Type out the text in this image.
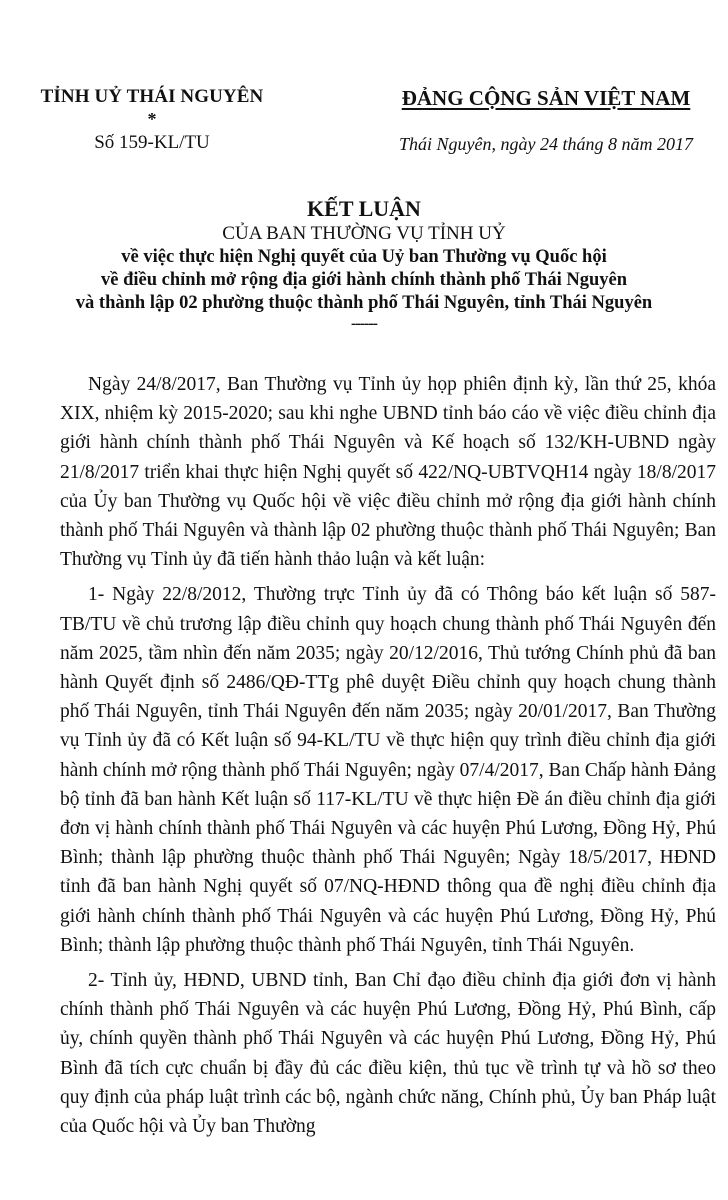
TỈNH UỶ THÁI NGUYÊN
*
Số 159-KL/TU
ĐẢNG CỘNG SẢN VIỆT NAM
Thái Nguyên, ngày 24 tháng 8 năm 2017
KẾT LUẬN
CỦA BAN THƯỜNG VỤ TỈNH UỶ
về việc thực hiện Nghị quyết của Uỷ ban Thường vụ Quốc hội
về điều chỉnh mở rộng địa giới hành chính thành phố Thái Nguyên
và thành lập 02 phường thuộc thành phố Thái Nguyên, tỉnh Thái Nguyên
------

Ngày 24/8/2017, Ban Thường vụ Tỉnh ủy họp phiên định kỳ, lần thứ 25, khóa XIX, nhiệm kỳ 2015-2020; sau khi nghe UBND tỉnh báo cáo về việc điều chỉnh địa giới hành chính thành phố Thái Nguyên và Kế hoạch số 132/KH-UBND ngày 21/8/2017 triển khai thực hiện Nghị quyết số 422/NQ-UBTVQH14 ngày 18/8/2017 của Ủy ban Thường vụ Quốc hội về việc điều chỉnh mở rộng địa giới hành chính thành phố Thái Nguyên và thành lập 02 phường thuộc thành phố Thái Nguyên; Ban Thường vụ Tỉnh ủy đã tiến hành thảo luận và kết luận:

1- Ngày 22/8/2012, Thường trực Tỉnh ủy đã có Thông báo kết luận số 587-TB/TU về chủ trương lập điều chỉnh quy hoạch chung thành phố Thái Nguyên đến năm 2025, tầm nhìn đến năm 2035; ngày 20/12/2016, Thủ tướng Chính phủ đã ban hành Quyết định số 2486/QĐ-TTg phê duyệt Điều chỉnh quy hoạch chung thành phố Thái Nguyên, tỉnh Thái Nguyên đến năm 2035; ngày 20/01/2017, Ban Thường vụ Tỉnh ủy đã có Kết luận số 94-KL/TU về thực hiện quy trình điều chỉnh địa giới hành chính mở rộng thành phố Thái Nguyên; ngày 07/4/2017, Ban Chấp hành Đảng bộ tỉnh đã ban hành Kết luận số 117-KL/TU về thực hiện Đề án điều chỉnh địa giới đơn vị hành chính thành phố Thái Nguyên và các huyện Phú Lương, Đồng Hỷ, Phú Bình; thành lập phường thuộc thành phố Thái Nguyên; Ngày 18/5/2017, HĐND tỉnh đã ban hành Nghị quyết số 07/NQ-HĐND thông qua đề nghị điều chỉnh địa giới hành chính thành phố Thái Nguyên và các huyện Phú Lương, Đồng Hỷ, Phú Bình; thành lập phường thuộc thành phố Thái Nguyên, tỉnh Thái Nguyên.

2- Tỉnh ủy, HĐND, UBND tỉnh, Ban Chỉ đạo điều chỉnh địa giới đơn vị hành chính thành phố Thái Nguyên và các huyện Phú Lương, Đồng Hỷ, Phú Bình, cấp ủy, chính quyền thành phố Thái Nguyên và các huyện Phú Lương, Đồng Hỷ, Phú Bình đã tích cực chuẩn bị đầy đủ các điều kiện, thủ tục về trình tự và hồ sơ theo quy định của pháp luật trình các bộ, ngành chức năng, Chính phủ, Ủy ban Pháp luật của Quốc hội và Ủy ban Thường
